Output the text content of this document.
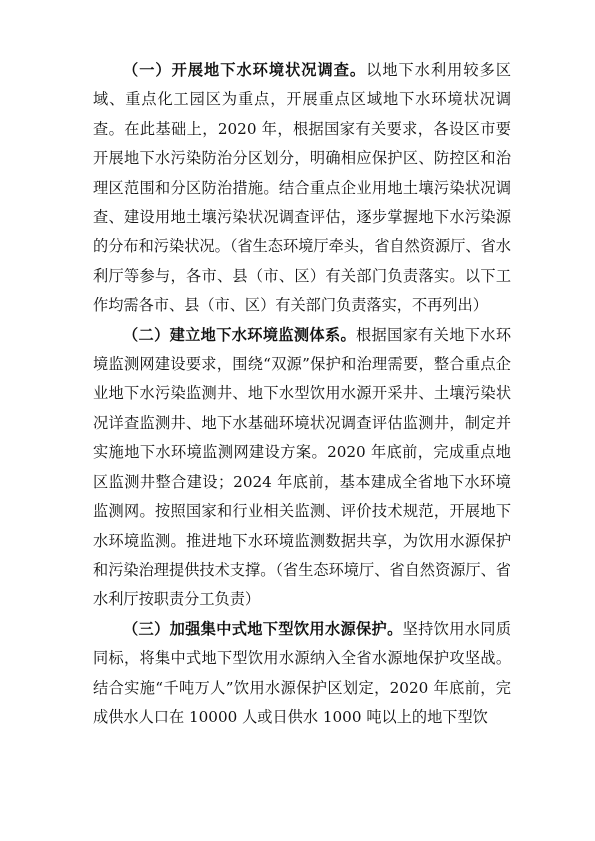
（一）开展地下水环境状况调查。以地下水利用较多区域、重点化工园区为重点，开展重点区域地下水环境状况调查。在此基础上，2020 年，根据国家有关要求，各设区市要开展地下水污染防治分区划分，明确相应保护区、防控区和治理区范围和分区防治措施。结合重点企业用地土壤污染状况调查、建设用地土壤污染状况调查评估，逐步掌握地下水污染源的分布和污染状况。（省生态环境厅牵头，省自然资源厅、省水利厅等参与，各市、县（市、区）有关部门负责落实。以下工作均需各市、县（市、区）有关部门负责落实，不再列出）

（二）建立地下水环境监测体系。根据国家有关地下水环境监测网建设要求，围绕“双源”保护和治理需要，整合重点企业地下水污染监测井、地下水型饮用水源开采井、土壤污染状况详查监测井、地下水基础环境状况调查评估监测井，制定并实施地下水环境监测网建设方案。2020 年底前，完成重点地区监测井整合建设；2024 年底前，基本建成全省地下水环境监测网。按照国家和行业相关监测、评价技术规范，开展地下水环境监测。推进地下水环境监测数据共享，为饮用水源保护和污染治理提供技术支撑。（省生态环境厅、省自然资源厅、省水利厅按职责分工负责）

（三）加强集中式地下型饮用水源保护。坚持饮用水同质同标，将集中式地下型饮用水源纳入全省水源地保护攻坚战。结合实施“千吨万人”饮用水源保护区划定，2020 年底前，完成供水人口在 10000 人或日供水 1000 吨以上的地下型饮
